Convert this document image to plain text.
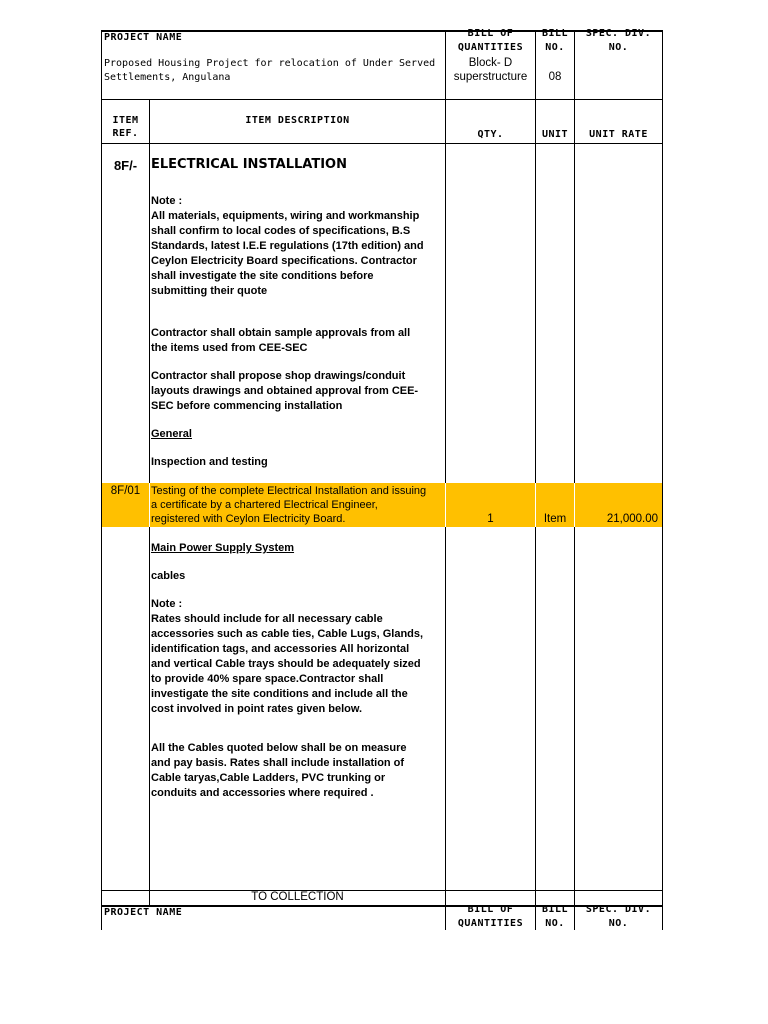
PROJECT NAME
Proposed Housing Project for relocation of Under Served
Settlements, Angulana
BILL OF
QUANTITIES
Block- D
superstructure
BILL
NO.
08
SPEC. DIV.
NO.
ITEM
REF.
ITEM DESCRIPTION
QTY.	UNIT	UNIT RATE
8F/-	ELECTRICAL INSTALLATION
Note :
All materials, equipments, wiring and workmanship
shall confirm to local codes of specifications, B.S
Standards, latest I.E.E regulations (17th edition) and
Ceylon Electricity Board specifications. Contractor
shall investigate the site conditions before
submitting their quote
Contractor shall obtain sample approvals from all
the items used from CEE-SEC
Contractor shall propose shop drawings/conduit
layouts drawings and obtained approval from CEE-
SEC before commencing installation
General
Inspection and testing
8F/01 Testing of the complete Electrical Installation and issuing
a certificate by a chartered Electrical Engineer,
registered with Ceylon Electricity Board.	1	Item	21,000.00
Main Power Supply System
cables
Note :
Rates should include for all necessary cable
accessories such as cable ties, Cable Lugs, Glands,
identification tags, and accessories All horizontal
and vertical Cable trays should be adequately sized
to provide 40% spare space.Contractor shall
investigate the site conditions and include all the
cost involved in point rates given below.
All the Cables quoted below shall be on measure
and pay basis. Rates shall include installation of
Cable taryas,Cable Ladders, PVC trunking or
conduits and accessories where required .
TO COLLECTION
PROJECT NAME	BILL OF
QUANTITIES
BILL
NO.
SPEC. DIV.
NO.
